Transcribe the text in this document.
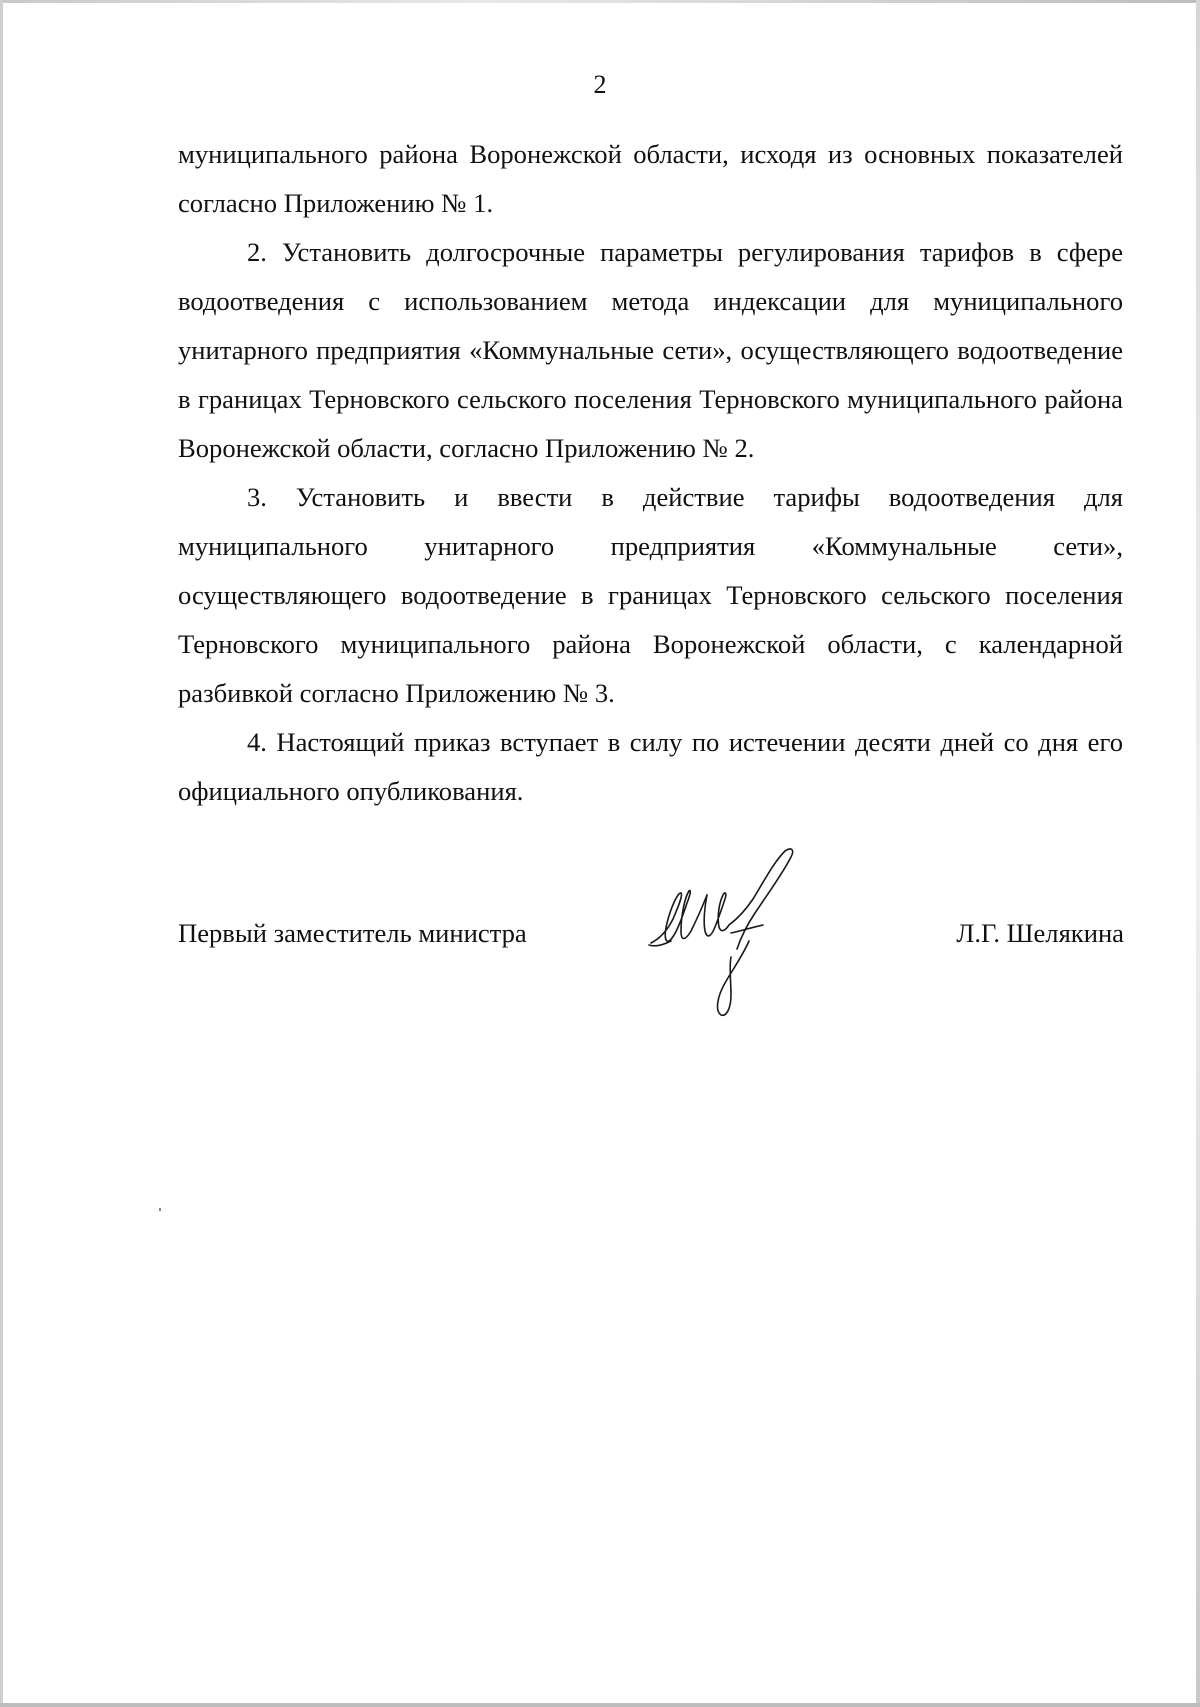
2

муниципального района Воронежской области, исходя из основных показателей согласно Приложению № 1.

2. Установить долгосрочные параметры регулирования тарифов в сфере водоотведения с использованием метода индексации для муниципального унитарного предприятия «Коммунальные сети», осуществляющего водоотведение в границах Терновского сельского поселения Терновского муниципального района Воронежской области, согласно Приложению № 2.

3. Установить и ввести в действие тарифы водоотведения для муниципального унитарного предприятия «Коммунальные сети», осуществляющего водоотведение в границах Терновского сельского поселения Терновского муниципального района Воронежской области, с календарной разбивкой согласно Приложению № 3.

4. Настоящий приказ вступает в силу по истечении десяти дней со дня его официального опубликования.

Первый заместитель министра	Л.Г. Шелякина
